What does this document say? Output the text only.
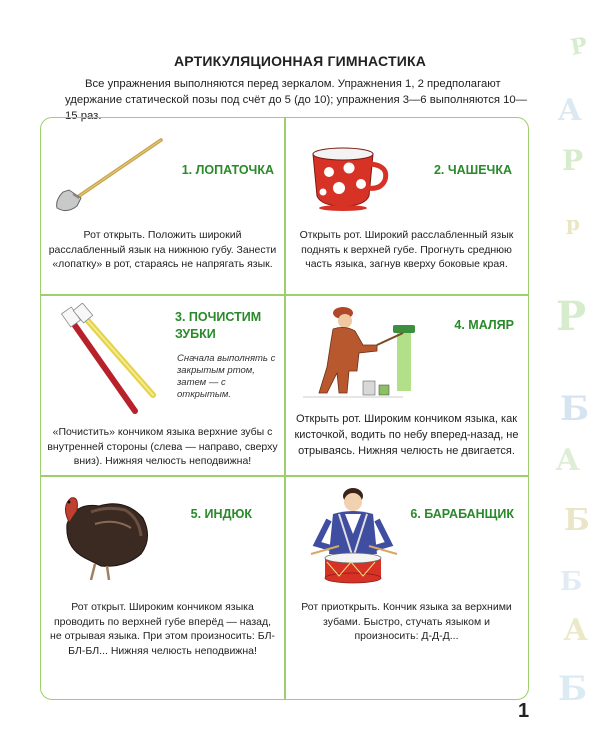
АРТИКУЛЯЦИОННАЯ ГИМНАСТИКА
Все упражнения выполняются перед зеркалом. Упражнения 1, 2 предполагают удержание статической позы под счёт до 5 (до 10); упражнения 3—6 выполняются 10—15 раз.
P
A
P
p
P
Б
A
Б
Б
A
Б
1. ЛОПАТОЧКА
Рот открыть. Положить широкий расслабленный язык на нижнюю губу. Занести «лопатку» в рот, стараясь не напрягать язык.
2. ЧАШЕЧКА
Открыть рот. Широкий расслабленный язык поднять к верхней губе. Прогнуть среднюю часть языка, загнув кверху боковые края.
3. ПОЧИСТИМ
ЗУБКИ
Сначала выполнять с закрытым ртом, затем — с открытым.
«Почистить» кончиком языка верхние зубы с внутренней стороны (слева — направо, сверху вниз). Нижняя челюсть неподвижна!
4. МАЛЯР
Открыть рот. Широким кончиком языка, как кисточкой, водить по небу вперед-назад, не отрываясь. Нижняя челюсть не двигается.
5. ИНДЮК
Рот открыт. Широким кончиком языка проводить по верхней губе вперёд — назад, не отрывая языка. При этом произносить: БЛ-БЛ-БЛ... Нижняя челюсть неподвижна!
6. БАРАБАНЩИК
Рот приоткрыть. Кончик языка за верхними зубами. Быстро, стучать языком и произносить: Д-Д-Д...
1
